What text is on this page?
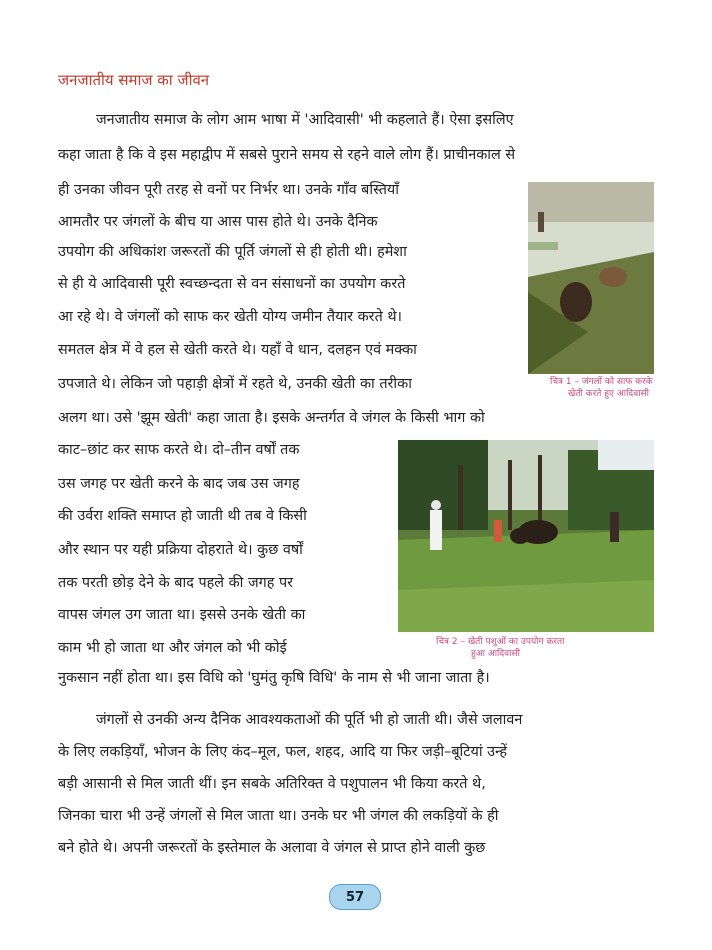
जनजातीय समाज का जीवन
जनजातीय समाज के लोग आम भाषा में 'आदिवासी' भी कहलाते हैं। ऐसा इसलिए
कहा जाता है कि वे इस महाद्वीप में सबसे पुराने समय से रहने वाले लोग हैं। प्राचीनकाल से
ही उनका जीवन पूरी तरह से वनों पर निर्भर था। उनके गाँव बस्तियाँ
आमतौर पर जंगलों के बीच या आस पास होते थे। उनके दैनिक
उपयोग की अधिकांश जरूरतों की पूर्ति जंगलों से ही होती थी। हमेशा
से ही ये आदिवासी पूरी स्वच्छन्दता से वन संसाधनों का उपयोग करते
आ रहे थे। वे जंगलों को साफ कर खेती योग्य जमीन तैयार करते थे।
समतल क्षेत्र में वे हल से खेती करते थे। यहाँ वे धान, दलहन एवं मक्का
उपजाते थे। लेकिन जो पहाड़ी क्षेत्रों में रहते थे, उनकी खेती का तरीका
अलग था। उसे 'झूम खेती' कहा जाता है। इसके अन्तर्गत वे जंगल के किसी भाग को
काट–छांट कर साफ करते थे। दो–तीन वर्षों तक
उस जगह पर खेती करने के बाद जब उस जगह
की उर्वरा शक्ति समाप्त हो जाती थी तब वे किसी
और स्थान पर यही प्रक्रिया दोहराते थे। कुछ वर्षों
तक परती छोड़ देने के बाद पहले की जगह पर
वापस जंगल उग जाता था। इससे उनके खेती का
काम भी हो जाता था और जंगल को भी कोई
नुकसान नहीं होता था। इस विधि को 'घुमंतु कृषि विधि' के नाम से भी जाना जाता है।
जंगलों से उनकी अन्य दैनिक आवश्यकताओं की पूर्ति भी हो जाती थी। जैसे जलावन
के लिए लकड़ियाँ, भोजन के लिए कंद–मूल, फल, शहद, आदि या फिर जड़ी–बूटियां उन्हें
बड़ी आसानी से मिल जाती थीं। इन सबके अतिरिक्त वे पशुपालन भी किया करते थे,
जिनका चारा भी उन्हें जंगलों से मिल जाता था। उनके घर भी जंगल की लकड़ियों के ही
बने होते थे। अपनी जरूरतों के इस्तेमाल के अलावा वे जंगल से प्राप्त होने वाली कुछ
चित्र 1 – जंगलों को साफ करके
खेती करते हुए आदिवासी
चित्र 2 – खेती पशुओं का उपयोग करता
हुआ आदिवासी
57
